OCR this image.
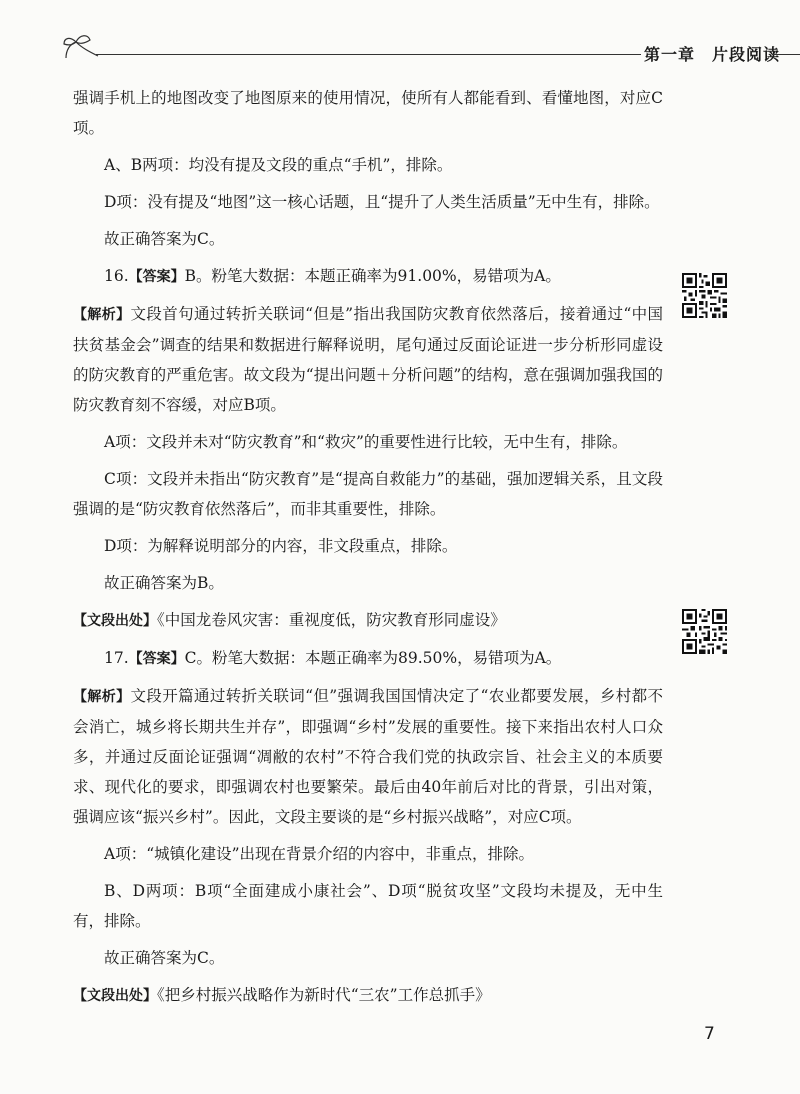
第一章　片段阅读

强调手机上的地图改变了地图原来的使用情况，使所有人都能看到、看懂地图，对应C项。

A、B两项：均没有提及文段的重点“手机”，排除。

D项：没有提及“地图”这一核心话题，且“提升了人类生活质量”无中生有，排除。

故正确答案为C。

16.【答案】B。粉笔大数据：本题正确率为91.00%，易错项为A。

【解析】文段首句通过转折关联词“但是”指出我国防灾教育依然落后，接着通过“中国扶贫基金会”调查的结果和数据进行解释说明，尾句通过反面论证进一步分析形同虚设的防灾教育的严重危害。故文段为“提出问题＋分析问题”的结构，意在强调加强我国的防灾教育刻不容缓，对应B项。

A项：文段并未对“防灾教育”和“救灾”的重要性进行比较，无中生有，排除。

C项：文段并未指出“防灾教育”是“提高自救能力”的基础，强加逻辑关系，且文段强调的是“防灾教育依然落后”，而非其重要性，排除。

D项：为解释说明部分的内容，非文段重点，排除。

故正确答案为B。

【文段出处】《中国龙卷风灾害：重视度低，防灾教育形同虚设》

17.【答案】C。粉笔大数据：本题正确率为89.50%，易错项为A。

【解析】文段开篇通过转折关联词“但”强调我国国情决定了“农业都要发展，乡村都不会消亡，城乡将长期共生并存”，即强调“乡村”发展的重要性。接下来指出农村人口众多，并通过反面论证强调“凋敝的农村”不符合我们党的执政宗旨、社会主义的本质要求、现代化的要求，即强调农村也要繁荣。最后由40年前后对比的背景，引出对策，强调应该“振兴乡村”。因此，文段主要谈的是“乡村振兴战略”，对应C项。

A项：“城镇化建设”出现在背景介绍的内容中，非重点，排除。

B、D两项：B项“全面建成小康社会”、D项“脱贫攻坚”文段均未提及，无中生有，排除。

故正确答案为C。

【文段出处】《把乡村振兴战略作为新时代“三农”工作总抓手》

7
